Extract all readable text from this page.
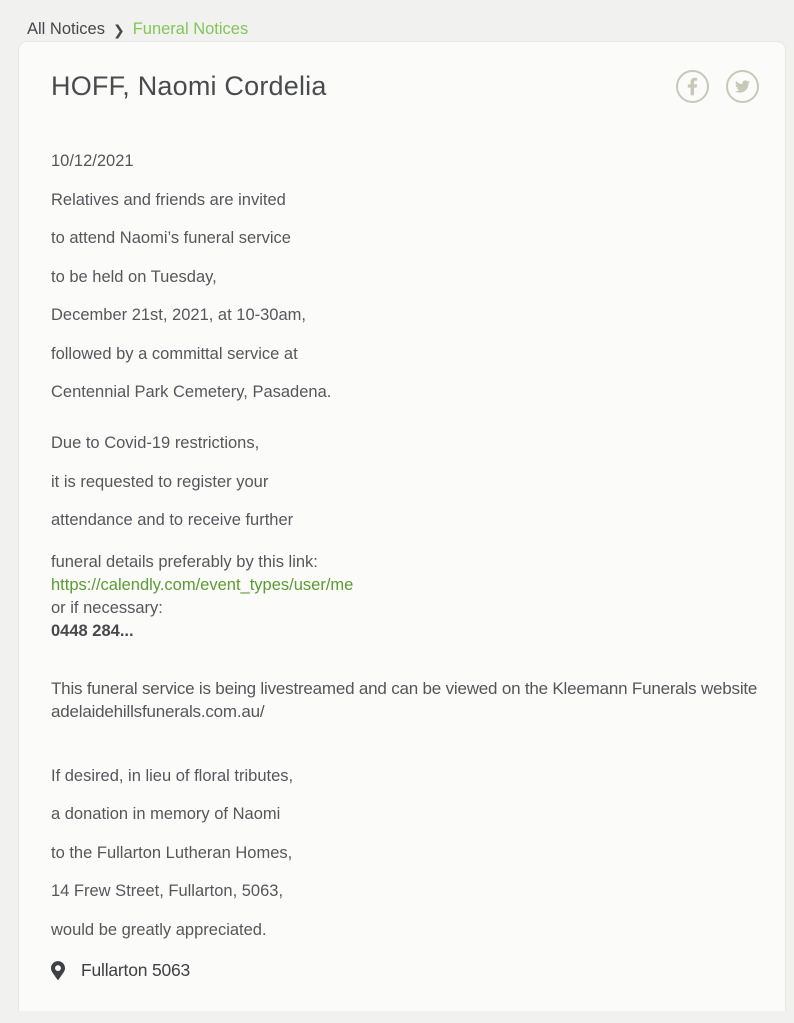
All Notices ❯ Funeral Notices
HOFF, Naomi Cordelia

10/12/2021

Relatives and friends are invited

to attend Naomi’s funeral service

to be held on Tuesday,

December 21st, 2021, at 10-30am,

followed by a committal service at

Centennial Park Cemetery, Pasadena.

Due to Covid-19 restrictions,

it is requested to register your

attendance and to receive further

funeral details preferably by this link:
https://calendly.com/event_types/user/me
or if necessary:
0448 284...

This funeral service is being livestreamed and can be viewed on the Kleemann Funerals website adelaidehillsfunerals.com.au/

If desired, in lieu of floral tributes,

a donation in memory of Naomi

to the Fullarton Lutheran Homes,

14 Frew Street, Fullarton, 5063,

would be greatly appreciated.

Fullarton 5063
